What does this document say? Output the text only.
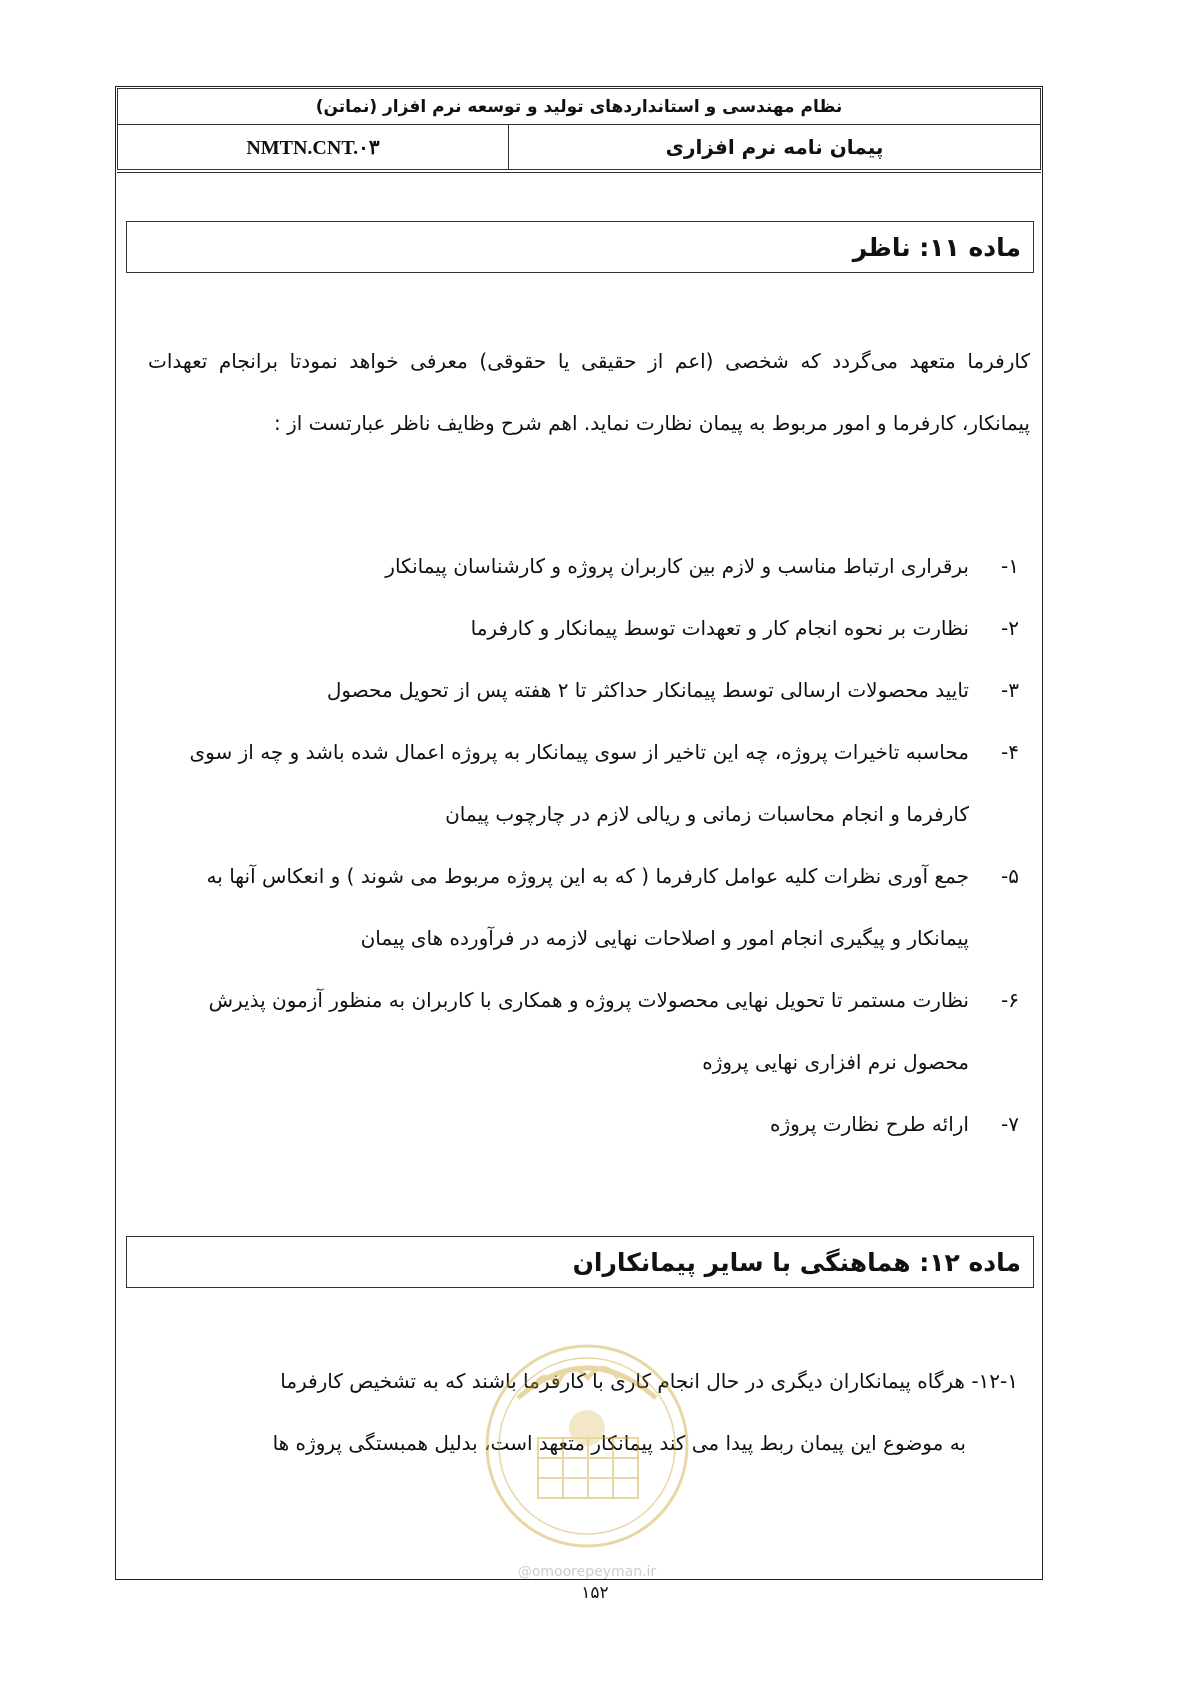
نظام مهندسی و استانداردهای تولید و توسعه نرم افزار (نماتن)
NMTN.CNT.۰۳	پیمان نامه نرم افزاری
ماده ۱۱: ناظر
کارفرما متعهد می‌گردد که شخصی (اعم از حقیقی یا حقوقی) معرفی خواهد نمودتا برانجام تعهدات پیمانکار، کارفرما و امور مربوط به پیمان نظارت نماید. اهم شرح وظایف ناظر عبارتست از :
۱-
برقراری ارتباط مناسب و لازم بین کاربران پروژه و کارشناسان پیمانکار
۲-
نظارت بر نحوه انجام کار و تعهدات توسط پیمانکار و کارفرما
۳-
تایید محصولات ارسالی توسط پیمانکار حداکثر تا ۲ هفته پس از تحویل محصول
۴-
محاسبه تاخیرات پروژه، چه این تاخیر از سوی پیمانکار به پروژه اعمال شده باشد و چه از سوی کارفرما و انجام محاسبات زمانی و ریالی لازم در چارچوب پیمان
۵-
جمع آوری نظرات کلیه عوامل کارفرما ( که به این پروژه مربوط می شوند ) و انعکاس آنها به پیمانکار و پیگیری انجام امور و اصلاحات نهایی لازمه در فرآورده های پیمان
۶-
نظارت مستمر تا تحویل نهایی محصولات پروژه و همکاری با کاربران به منظور آزمون پذیرش محصول نرم افزاری نهایی پروژه
۷-
ارائه طرح نظارت پروژه
ماده ۱۲: هماهنگی با سایر پیمانکاران
۱۲-۱- هرگاه پیمانکاران دیگری در حال انجام کاری با کارفرما باشند که به تشخیص کارفرما
به موضوع این پیمان ربط پیدا می کند پیمانکار متعهد است، بدلیل همبستگی پروژه ها
@omoorepeyman.ir
۱۵۲
